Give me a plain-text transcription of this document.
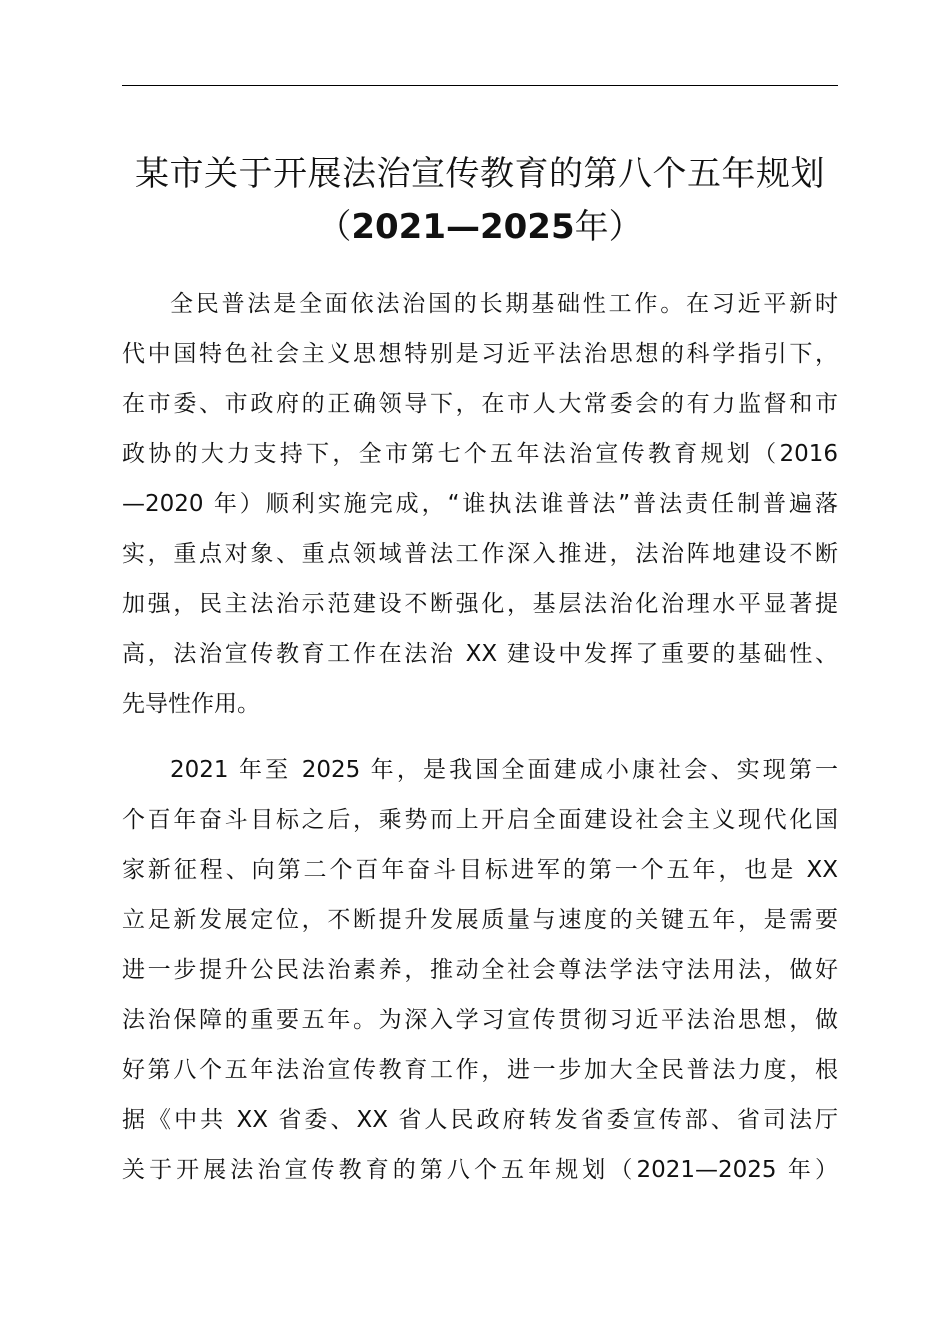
某市关于开展法治宣传教育的第八个五年规划
（2021—2025年）
全民普法是全面依法治国的长期基础性工作。在习近平新时
代中国特色社会主义思想特别是习近平法治思想的科学指引下，
在市委、市政府的正确领导下，在市人大常委会的有力监督和市
政协的大力支持下，全市第七个五年法治宣传教育规划（2016
—2020 年）顺利实施完成，“谁执法谁普法”普法责任制普遍落
实，重点对象、重点领域普法工作深入推进，法治阵地建设不断
加强，民主法治示范建设不断强化，基层法治化治理水平显著提
高，法治宣传教育工作在法治 XX 建设中发挥了重要的基础性、
先导性作用。
2021 年至 2025 年，是我国全面建成小康社会、实现第一
个百年奋斗目标之后，乘势而上开启全面建设社会主义现代化国
家新征程、向第二个百年奋斗目标进军的第一个五年，也是 XX
立足新发展定位，不断提升发展质量与速度的关键五年，是需要
进一步提升公民法治素养，推动全社会尊法学法守法用法，做好
法治保障的重要五年。为深入学习宣传贯彻习近平法治思想，做
好第八个五年法治宣传教育工作，进一步加大全民普法力度，根
据《中共 XX 省委、XX 省人民政府转发省委宣传部、省司法厅
关于开展法治宣传教育的第八个五年规划（2021—2025 年）
